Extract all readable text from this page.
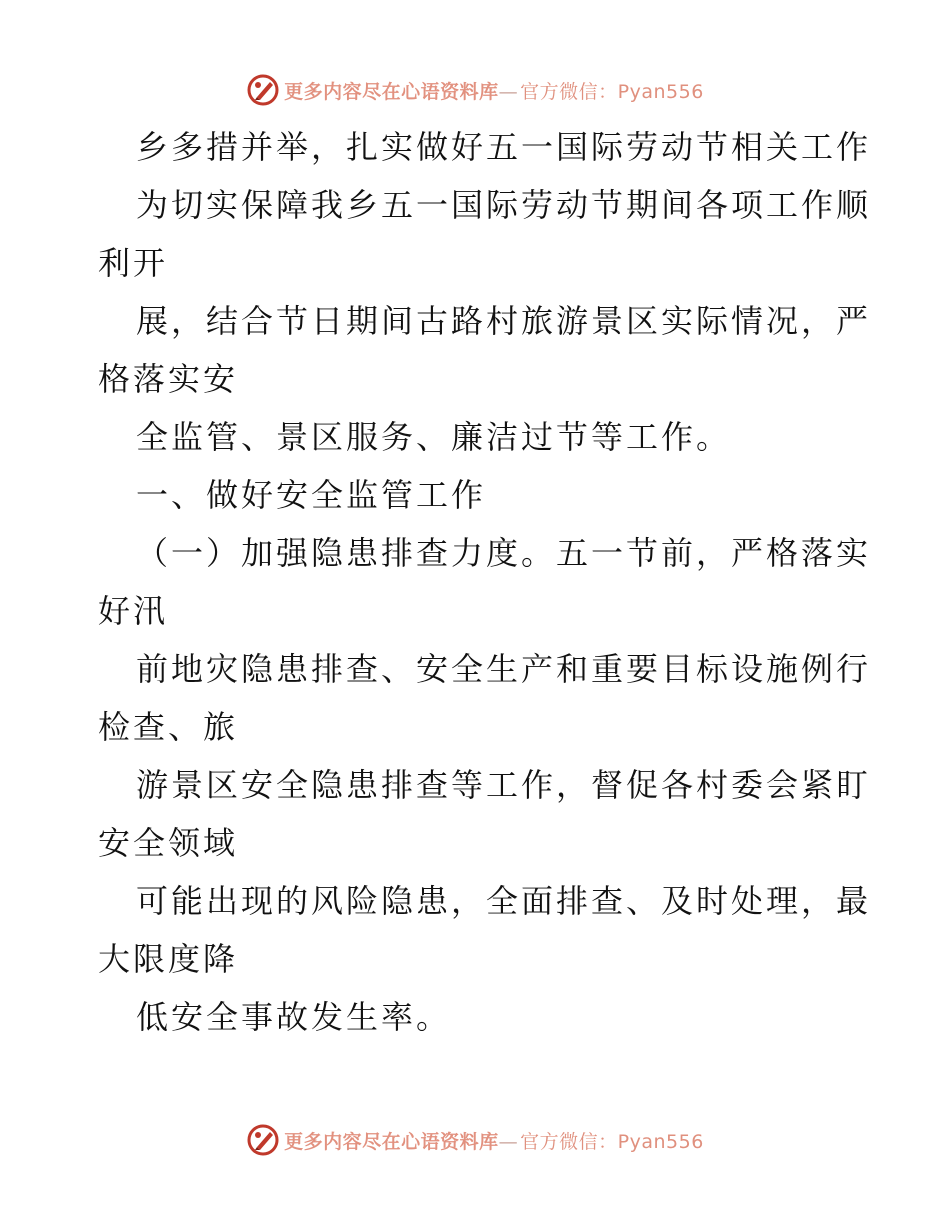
更多内容尽在心语资料库— 官方微信：Pyan556
乡多措并举，扎实做好五一国际劳动节相关工作
为切实保障我乡五一国际劳动节期间各项工作顺
利开
展，结合节日期间古路村旅游景区实际情况，严
格落实安
全监管、景区服务、廉洁过节等工作。
一、做好安全监管工作
（一）加强隐患排查力度。五一节前，严格落实
好汛
前地灾隐患排查、安全生产和重要目标设施例行
检查、旅
游景区安全隐患排查等工作，督促各村委会紧盯
安全领域
可能出现的风险隐患，全面排查、及时处理，最
大限度降
低安全事故发生率。
更多内容尽在心语资料库— 官方微信：Pyan556
